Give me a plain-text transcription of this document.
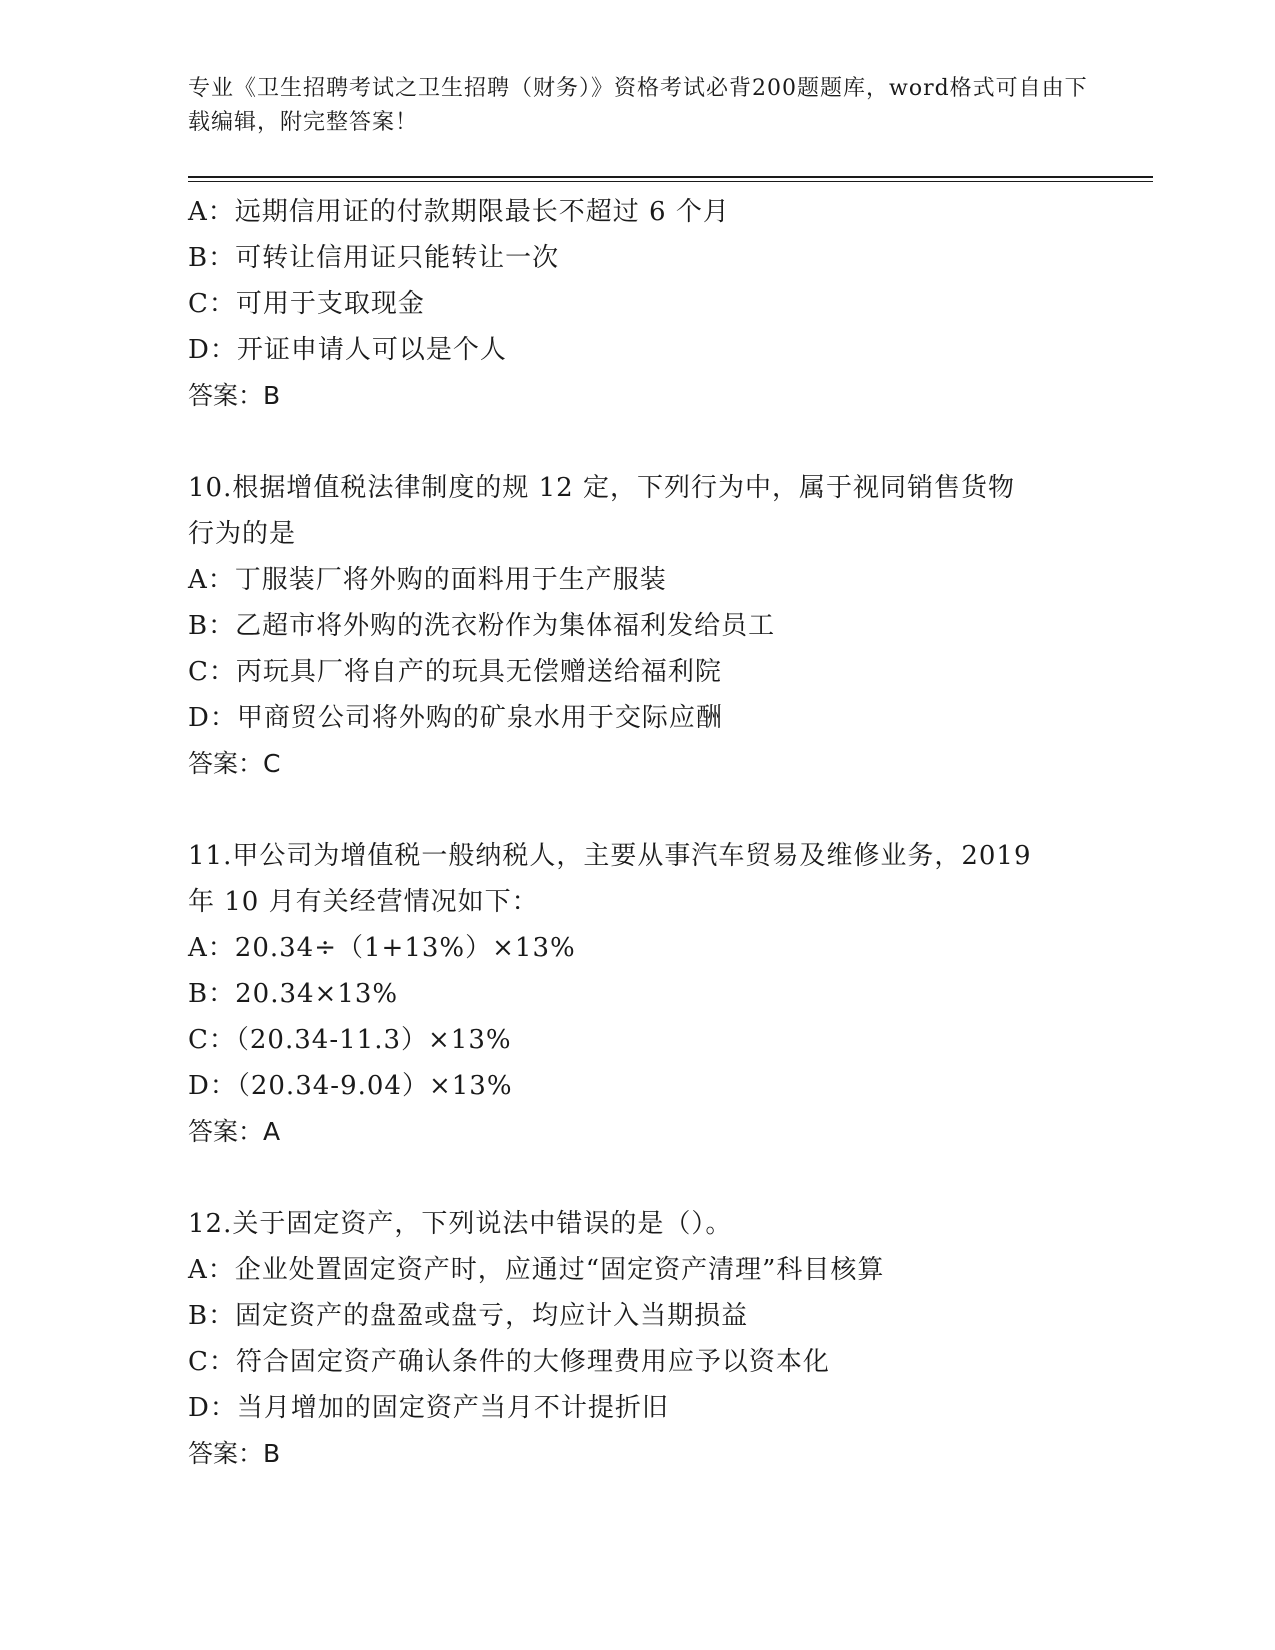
专业《卫生招聘考试之卫生招聘（财务）》资格考试必背200题题库，word格式可自由下载编辑，附完整答案！
A：远期信用证的付款期限最长不超过 6 个月
B：可转让信用证只能转让一次
C：可用于支取现金
D：开证申请人可以是个人
答案：B
10.根据增值税法律制度的规 12 定，下列行为中，属于视同销售货物
行为的是
A：丁服装厂将外购的面料用于生产服装
B：乙超市将外购的洗衣粉作为集体福利发给员工
C：丙玩具厂将自产的玩具无偿赠送给福利院
D：甲商贸公司将外购的矿泉水用于交际应酬
答案：C
11.甲公司为增值税一般纳税人，主要从事汽车贸易及维修业务，2019
年 10 月有关经营情况如下：
A：20.34÷（1+13%）×13%
B：20.34×13%
C：（20.34-11.3）×13%
D：（20.34-9.04）×13%
答案：A
12.关于固定资产，下列说法中错误的是（）。
A：企业处置固定资产时，应通过“固定资产清理”科目核算
B：固定资产的盘盈或盘亏，均应计入当期损益
C：符合固定资产确认条件的大修理费用应予以资本化
D：当月增加的固定资产当月不计提折旧
答案：B
